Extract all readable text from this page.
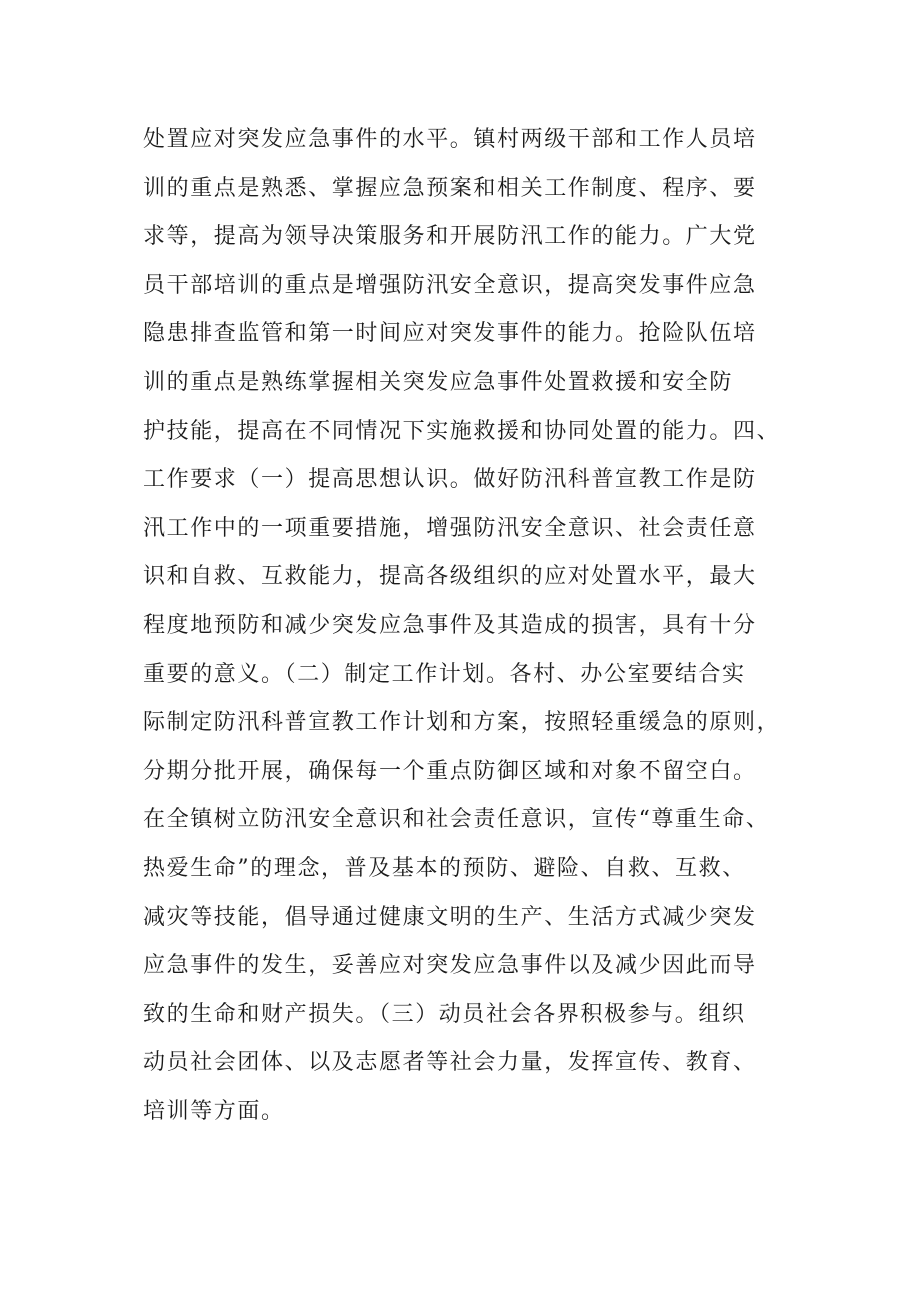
处置应对突发应急事件的水平。镇村两级干部和工作人员培
训的重点是熟悉、掌握应急预案和相关工作制度、程序、要
求等，提高为领导决策服务和开展防汛工作的能力。广大党
员干部培训的重点是增强防汛安全意识，提高突发事件应急
隐患排查监管和第一时间应对突发事件的能力。抢险队伍培
训的重点是熟练掌握相关突发应急事件处置救援和安全防
护技能，提高在不同情况下实施救援和协同处置的能力。四、
工作要求（一）提高思想认识。做好防汛科普宣教工作是防
汛工作中的一项重要措施，增强防汛安全意识、社会责任意
识和自救、互救能力，提高各级组织的应对处置水平，最大
程度地预防和减少突发应急事件及其造成的损害，具有十分
重要的意义。（二）制定工作计划。各村、办公室要结合实
际制定防汛科普宣教工作计划和方案，按照轻重缓急的原则，
分期分批开展，确保每一个重点防御区域和对象不留空白。
在全镇树立防汛安全意识和社会责任意识，宣传“尊重生命、
热爱生命”的理念，普及基本的预防、避险、自救、互救、
减灾等技能，倡导通过健康文明的生产、生活方式减少突发
应急事件的发生，妥善应对突发应急事件以及减少因此而导
致的生命和财产损失。（三）动员社会各界积极参与。组织
动员社会团体、以及志愿者等社会力量，发挥宣传、教育、
培训等方面。
